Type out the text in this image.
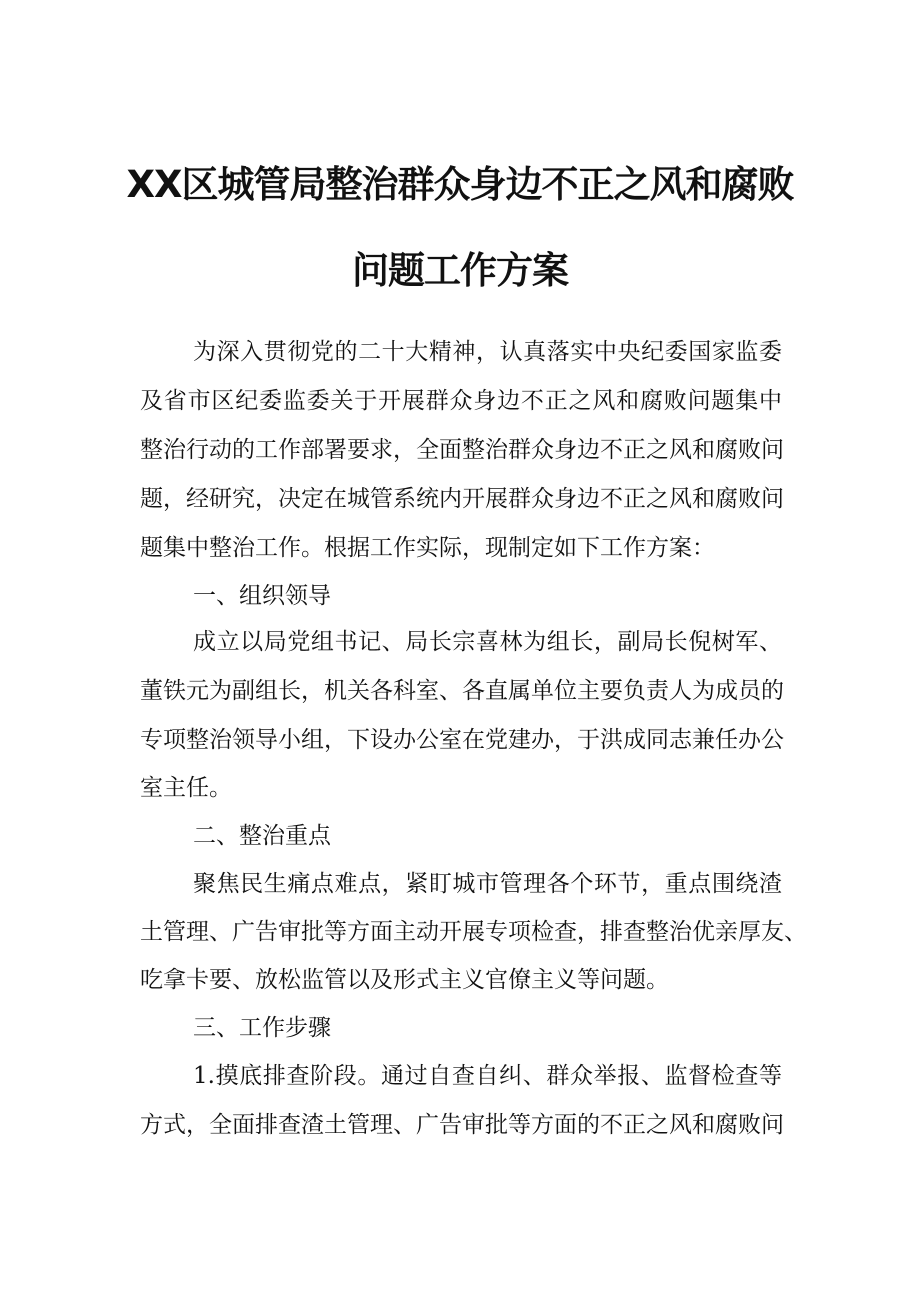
XX区城管局整治群众身边不正之风和腐败
问题工作方案
为深入贯彻党的二十大精神，认真落实中央纪委国家监委
及省市区纪委监委关于开展群众身边不正之风和腐败问题集中
整治行动的工作部署要求，全面整治群众身边不正之风和腐败问
题，经研究，决定在城管系统内开展群众身边不正之风和腐败问
题集中整治工作。根据工作实际，现制定如下工作方案：
一、组织领导
成立以局党组书记、局长宗喜林为组长，副局长倪树军、
董铁元为副组长，机关各科室、各直属单位主要负责人为成员的
专项整治领导小组，下设办公室在党建办，于洪成同志兼任办公
室主任。
二、整治重点
聚焦民生痛点难点，紧盯城市管理各个环节，重点围绕渣
土管理、广告审批等方面主动开展专项检查，排查整治优亲厚友、
吃拿卡要、放松监管以及形式主义官僚主义等问题。
三、工作步骤
1.摸底排查阶段。通过自查自纠、群众举报、监督检查等
方式，全面排查渣土管理、广告审批等方面的不正之风和腐败问
